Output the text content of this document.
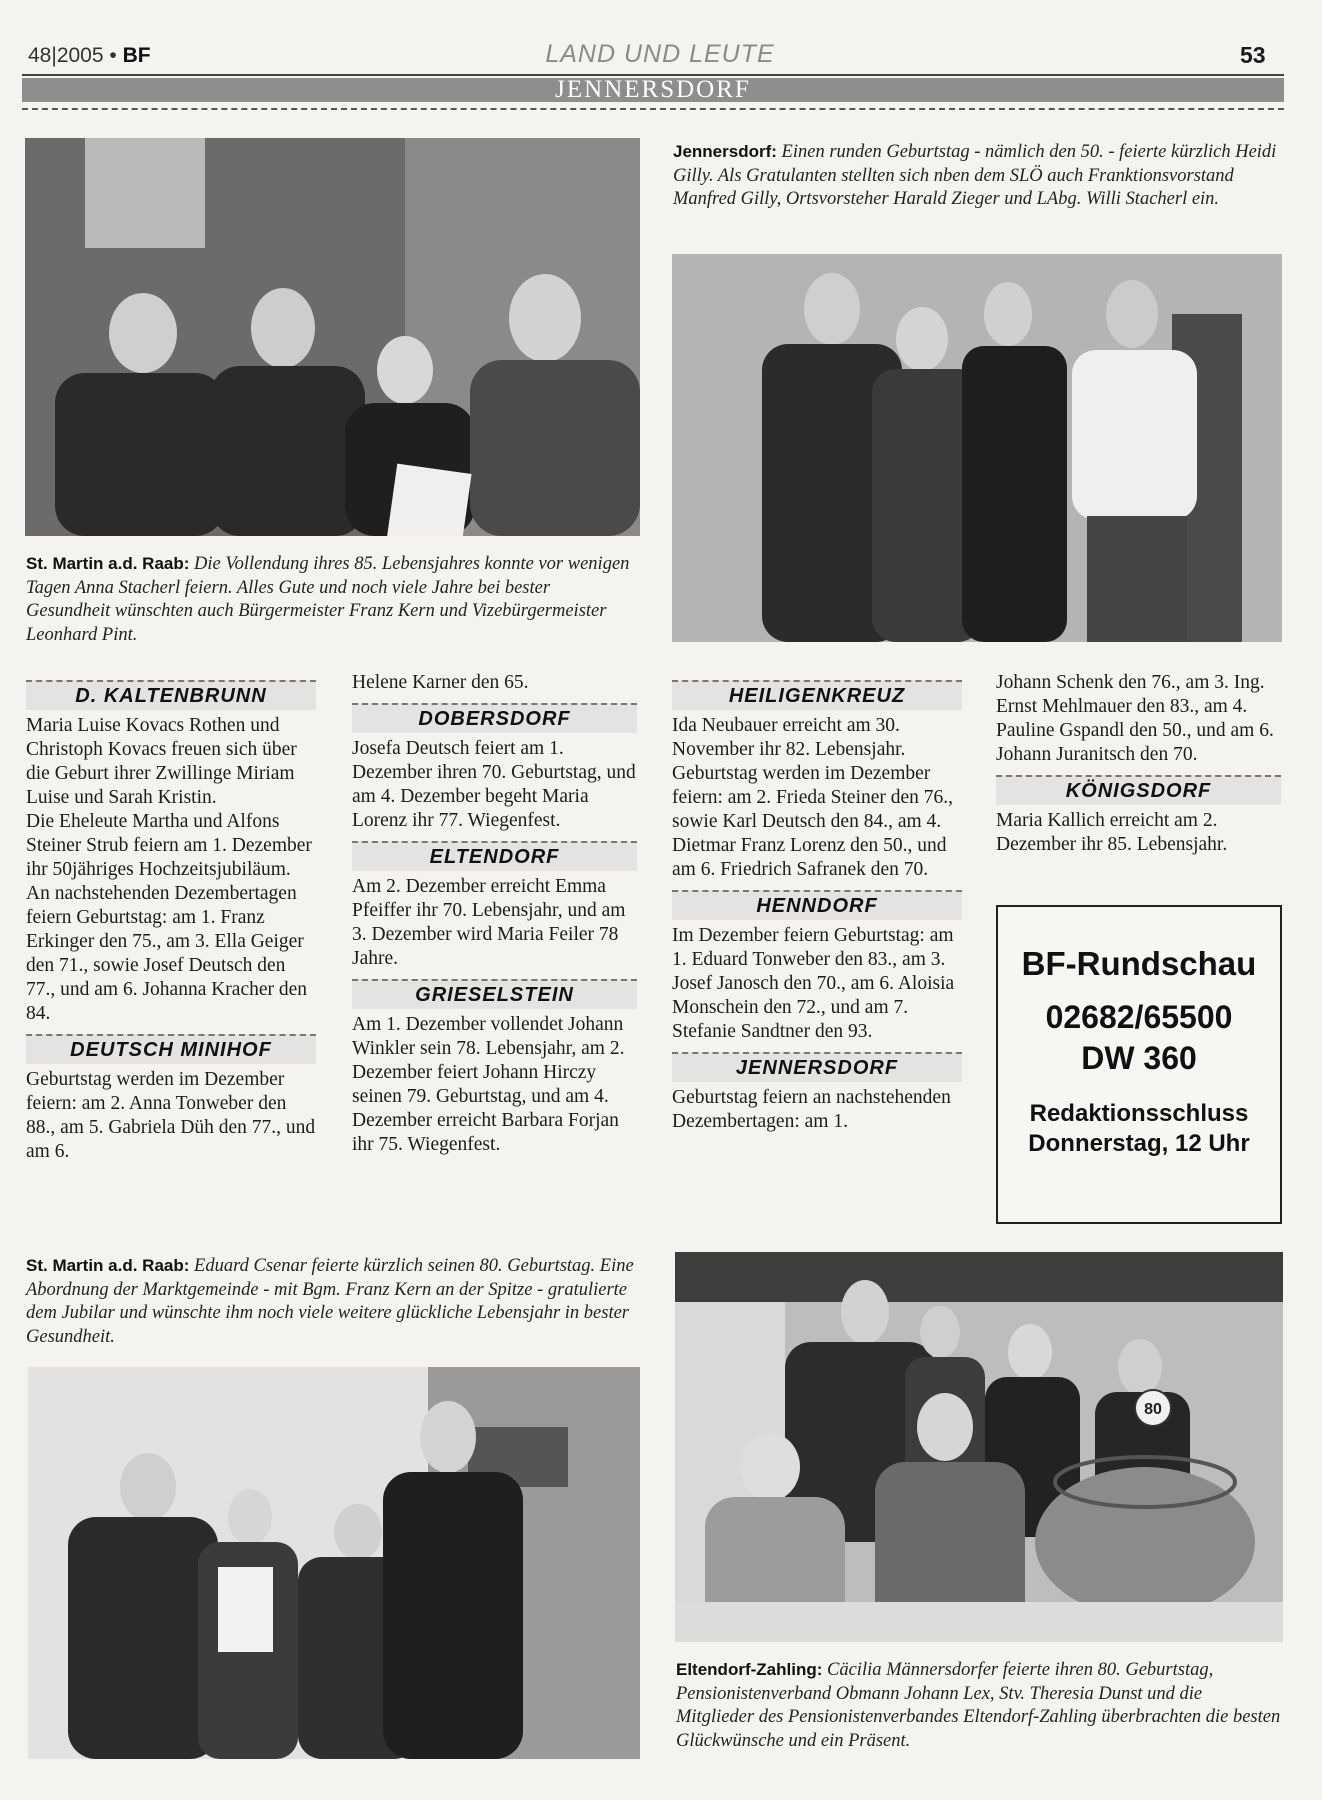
48|2005 • BF	LAND UND LEUTE	53
JENNERSDORF
Jennersdorf: Einen runden Geburtstag - nämlich den 50. - feierte kürzlich Heidi Gilly. Als Gratulanten stellten sich nben dem SLÖ auch Franktionsvorstand Manfred Gilly, Ortsvorsteher Harald Zieger und LAbg. Willi Stacherl ein.
St. Martin a.d. Raab: Die Vollendung ihres 85. Lebensjahres konnte vor wenigen Tagen Anna Stacherl feiern. Alles Gute und noch viele Jahre bei bester Gesundheit wünschten auch Bürgermeister Franz Kern und Vizebürgermeister Leonhard Pint.
D. KALTENBRUNN

Maria Luise Kovacs Rothen und Christoph Kovacs freuen sich über die Geburt ihrer Zwillinge Miriam Luise und Sarah Kristin.

Die Eheleute Martha und Alfons Steiner Strub feiern am 1. Dezember ihr 50jähriges Hochzeitsjubiläum.

An nachstehenden Dezembertagen feiern Geburtstag: am 1. Franz Erkinger den 75., am 3. Ella Geiger den 71., sowie Josef Deutsch den 77., und am 6. Johanna Kracher den 84.

DEUTSCH MINIHOF

Geburtstag werden im Dezember feiern: am 2. Anna Tonweber den 88., am 5. Gabriela Düh den 77., und am 6.

Helene Karner den 65.

DOBERSDORF

Josefa Deutsch feiert am 1. Dezember ihren 70. Geburtstag, und am 4. Dezember begeht Maria Lorenz ihr 77. Wiegenfest.

ELTENDORF

Am 2. Dezember erreicht Emma Pfeiffer ihr 70. Lebensjahr, und am 3. Dezember wird Maria Feiler 78 Jahre.

GRIESELSTEIN

Am 1. Dezember vollendet Johann Winkler sein 78. Lebensjahr, am 2. Dezember feiert Johann Hirczy seinen 79. Geburtstag, und am 4. Dezember erreicht Barbara Forjan ihr 75. Wiegenfest.

HEILIGENKREUZ

Ida Neubauer erreicht am 30. November ihr 82. Lebensjahr. Geburtstag werden im Dezember feiern: am 2. Frieda Steiner den 76., sowie Karl Deutsch den 84., am 4. Dietmar Franz Lorenz den 50., und am 6. Friedrich Safranek den 70.

HENNDORF

Im Dezember feiern Geburtstag: am 1. Eduard Tonweber den 83., am 3. Josef Janosch den 70., am 6. Aloisia Monschein den 72., und am 7. Stefanie Sandtner den 93.

JENNERSDORF

Geburtstag feiern an nachstehenden Dezembertagen: am 1.

Johann Schenk den 76., am 3. Ing. Ernst Mehlmauer den 83., am 4. Pauline Gspandl den 50., und am 6. Johann Juranitsch den 70.

KÖNIGSDORF

Maria Kallich erreicht am 2. Dezember ihr 85. Lebensjahr.

BF-Rundschau
02682/65500
DW 360
Redaktionsschluss
Donnerstag, 12 Uhr
St. Martin a.d. Raab: Eduard Csenar feierte kürzlich seinen 80. Geburtstag. Eine Abordnung der Marktgemeinde - mit Bgm. Franz Kern an der Spitze - gratulierte dem Jubilar und wünschte ihm noch viele weitere glückliche Lebensjahr in bester Gesundheit.
80
Eltendorf-Zahling: Cäcilia Männersdorfer feierte ihren 80. Geburtstag, Pensionistenverband Obmann Johann Lex, Stv. Theresia Dunst und die Mitglieder des Pensionistenverbandes Eltendorf-Zahling überbrachten die besten Glückwünsche und ein Präsent.
